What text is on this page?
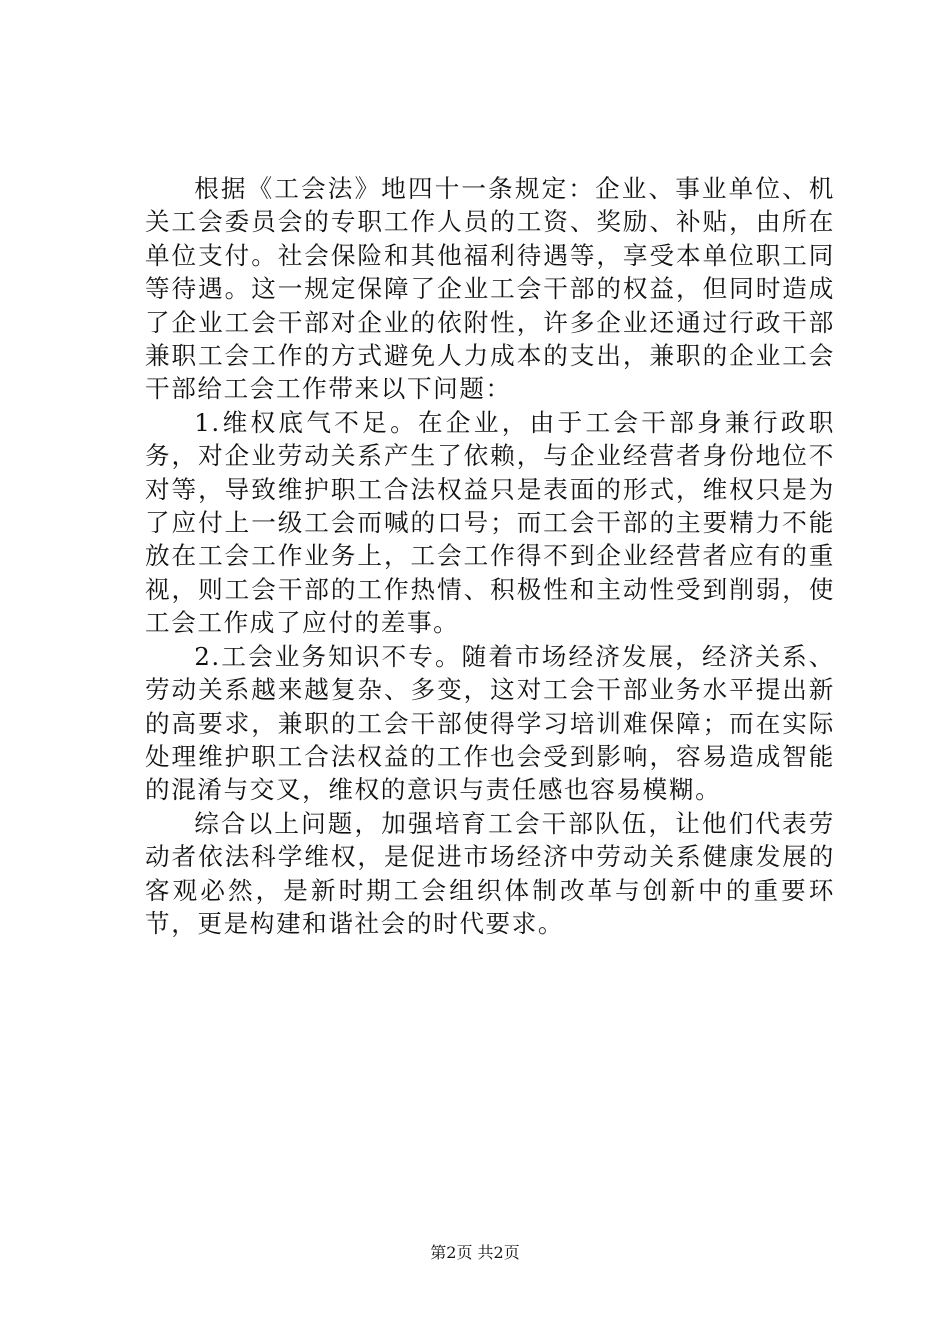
根据《工会法》地四十一条规定：企业、事业单位、机关工会委员会的专职工作人员的工资、奖励、补贴，由所在单位支付。社会保险和其他福利待遇等，享受本单位职工同等待遇。这一规定保障了企业工会干部的权益，但同时造成了企业工会干部对企业的依附性，许多企业还通过行政干部兼职工会工作的方式避免人力成本的支出，兼职的企业工会干部给工会工作带来以下问题：

1.维权底气不足。在企业，由于工会干部身兼行政职务，对企业劳动关系产生了依赖，与企业经营者身份地位不对等，导致维护职工合法权益只是表面的形式，维权只是为了应付上一级工会而喊的口号；而工会干部的主要精力不能放在工会工作业务上，工会工作得不到企业经营者应有的重视，则工会干部的工作热情、积极性和主动性受到削弱，使工会工作成了应付的差事。

2.工会业务知识不专。随着市场经济发展，经济关系、劳动关系越来越复杂、多变，这对工会干部业务水平提出新的高要求，兼职的工会干部使得学习培训难保障；而在实际处理维护职工合法权益的工作也会受到影响，容易造成智能的混淆与交叉，维权的意识与责任感也容易模糊。

综合以上问题，加强培育工会干部队伍，让他们代表劳动者依法科学维权，是促进市场经济中劳动关系健康发展的客观必然，是新时期工会组织体制改革与创新中的重要环节，更是构建和谐社会的时代要求。

第2页 共2页
